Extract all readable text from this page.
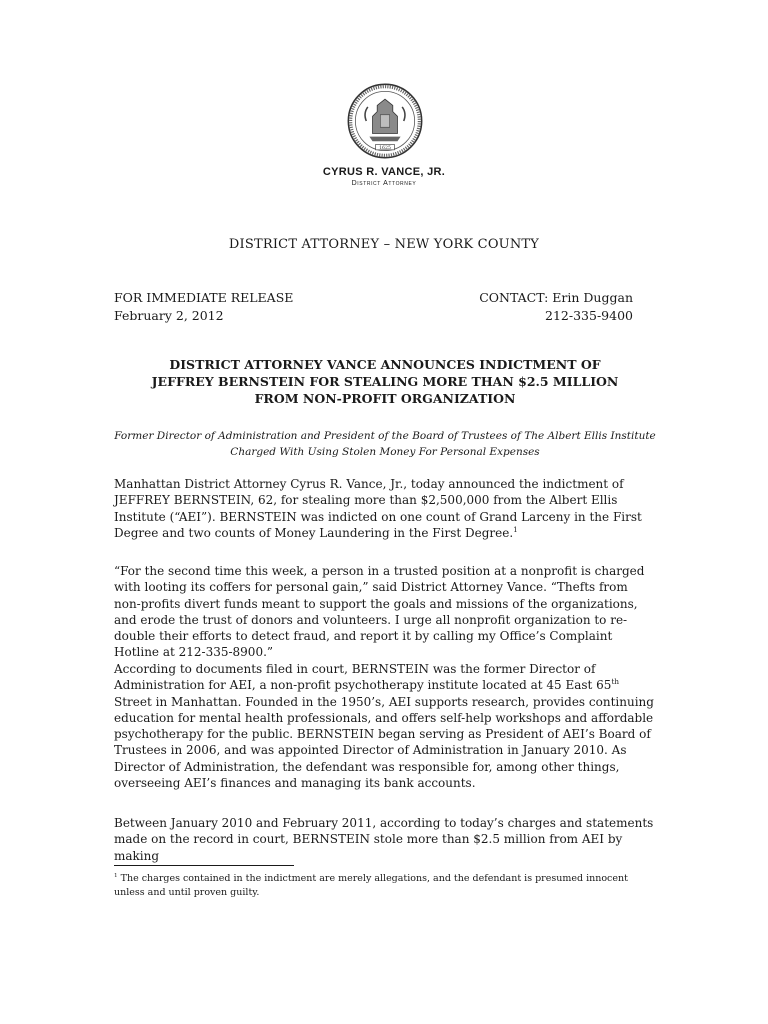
1625
CYRUS R. VANCE, JR.
District Attorney
DISTRICT ATTORNEY – NEW YORK COUNTY
FOR IMMEDIATE RELEASE	CONTACT: Erin Duggan
February 2, 2012	212-335-9400
DISTRICT ATTORNEY VANCE ANNOUNCES INDICTMENT OF
JEFFREY BERNSTEIN FOR STEALING MORE THAN $2.5 MILLION
FROM NON-PROFIT ORGANIZATION
Former Director of Administration and President of the Board of Trustees of The Albert Ellis Institute
Charged With Using Stolen Money For Personal Expenses

Manhattan District Attorney Cyrus R. Vance, Jr., today announced the indictment of JEFFREY BERNSTEIN, 62, for stealing more than $2,500,000 from the Albert Ellis Institute (“AEI”). BERNSTEIN was indicted on one count of Grand Larceny in the First Degree and two counts of Money Laundering in the First Degree.$^1$

“For the second time this week, a person in a trusted position at a nonprofit is charged with looting its coffers for personal gain,” said District Attorney Vance. “Thefts from non-profits divert funds meant to support the goals and missions of the organizations, and erode the trust of donors and volunteers. I urge all nonprofit organization to re-double their efforts to detect fraud, and report it by calling my Office’s Complaint Hotline at 212-335-8900.”

According to documents filed in court, BERNSTEIN was the former Director of Administration for AEI, a non-profit psychotherapy institute located at 45 East 65th Street in Manhattan. Founded in the 1950’s, AEI supports research, provides continuing education for mental health professionals, and offers self-help workshops and affordable psychotherapy for the public. BERNSTEIN began serving as President of AEI’s Board of Trustees in 2006, and was appointed Director of Administration in January 2010. As Director of Administration, the defendant was responsible for, among other things, overseeing AEI’s finances and managing its bank accounts.

Between January 2010 and February 2011, according to today’s charges and statements made on the record in court, BERNSTEIN stole more than $2.5 million from AEI by making

$^1$ The charges contained in the indictment are merely allegations, and the defendant is presumed innocent unless and until proven guilty.
